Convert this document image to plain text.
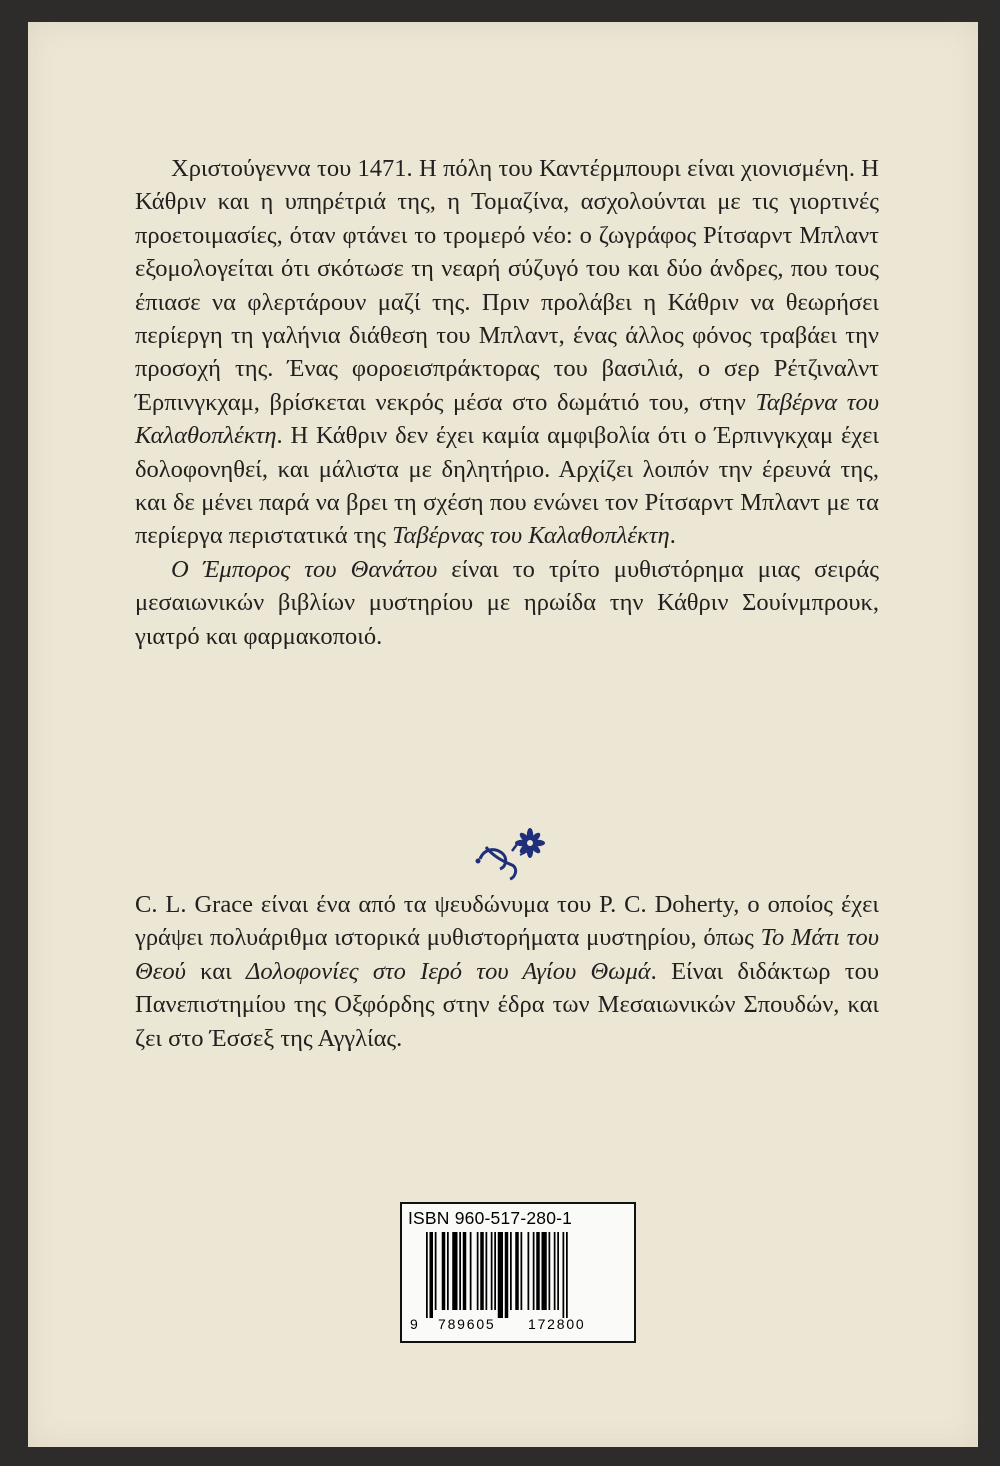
Χριστούγεννα του 1471. Η πόλη του Καντέρμπουρι είναι χιονισμένη. Η Κάθριν και η υπηρέτριά της, η Τομαζίνα, ασχολούνται με τις γιορτινές προετοιμασίες, όταν φτάνει το τρομερό νέο: ο ζωγράφος Ρίτσαρντ Μπλαντ εξομολογείται ότι σκότωσε τη νεαρή σύζυγό του και δύο άνδρες, που τους έπιασε να φλερτάρουν μαζί της. Πριν προλάβει η Κάθριν να θεωρήσει περίεργη τη γαλήνια διάθεση του Μπλαντ, ένας άλλος φόνος τραβάει την προσοχή της. Ένας φοροεισπράκτορας του βασιλιά, ο σερ Ρέτζιναλντ Έρπινγκχαμ, βρίσκεται νεκρός μέσα στο δωμάτιό του, στην Ταβέρνα του Καλαθοπλέκτη. Η Κάθριν δεν έχει καμία αμφιβολία ότι ο Έρπινγκχαμ έχει δολοφονηθεί, και μάλιστα με δηλητήριο. Αρχίζει λοιπόν την έρευνά της, και δε μένει παρά να βρει τη σχέση που ενώνει τον Ρίτσαρντ Μπλαντ με τα περίεργα περιστατικά της Ταβέρνας του Καλαθοπλέκτη.

Ο Έμπορος του Θανάτου είναι το τρίτο μυθιστόρημα μιας σειράς μεσαιωνικών βιβλίων μυστηρίου με ηρωίδα την Κάθριν Σουίνμπρουκ, γιατρό και φαρμακοποιό.

C. L. Grace είναι ένα από τα ψευδώνυμα του P. C. Doherty, ο οποίος έχει γράψει πολυάριθμα ιστορικά μυθιστορήματα μυστηρίου, όπως Το Μάτι του Θεού και Δολοφονίες στο Ιερό του Αγίου Θωμά. Είναι διδάκτωρ του Πανεπιστημίου της Οξφόρδης στην έδρα των Μεσαιωνικών Σπουδών, και ζει στο Έσσεξ της Αγγλίας.

ISBN 960-517-280-1
9 789605 172800
